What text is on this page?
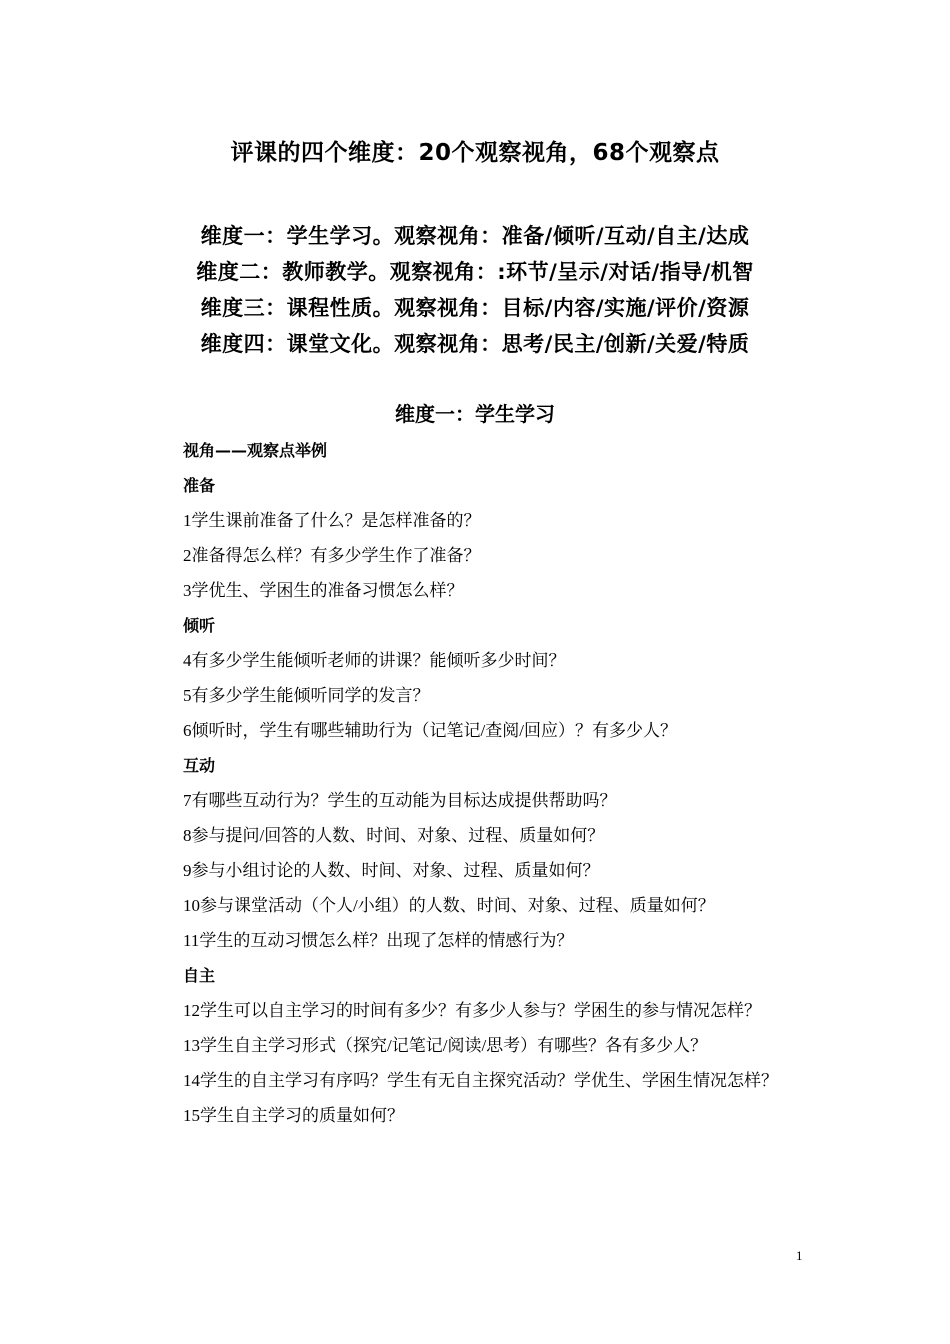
评课的四个维度：20个观察视角，68个观察点
维度一：学生学习。观察视角：准备/倾听/互动/自主/达成
维度二：教师教学。观察视角：:环节/呈示/对话/指导/机智
维度三：课程性质。观察视角：目标/内容/实施/评价/资源
维度四：课堂文化。观察视角：思考/民主/创新/关爱/特质
维度一：学生学习
视角——观察点举例
准备
1学生课前准备了什么？是怎样准备的？
2准备得怎么样？有多少学生作了准备？
3学优生、学困生的准备习惯怎么样？
倾听
4有多少学生能倾听老师的讲课？能倾听多少时间？
5有多少学生能倾听同学的发言？
6倾听时，学生有哪些辅助行为（记笔记/查阅/回应）？有多少人？
互动
7有哪些互动行为？学生的互动能为目标达成提供帮助吗？
8参与提问/回答的人数、时间、对象、过程、质量如何？
9参与小组讨论的人数、时间、对象、过程、质量如何？
10参与课堂活动（个人/小组）的人数、时间、对象、过程、质量如何？
11学生的互动习惯怎么样？出现了怎样的情感行为？
自主
12学生可以自主学习的时间有多少？有多少人参与？学困生的参与情况怎样？
13学生自主学习形式（探究/记笔记/阅读/思考）有哪些？各有多少人？
14学生的自主学习有序吗？学生有无自主探究活动？学优生、学困生情况怎样？
15学生自主学习的质量如何？
1
